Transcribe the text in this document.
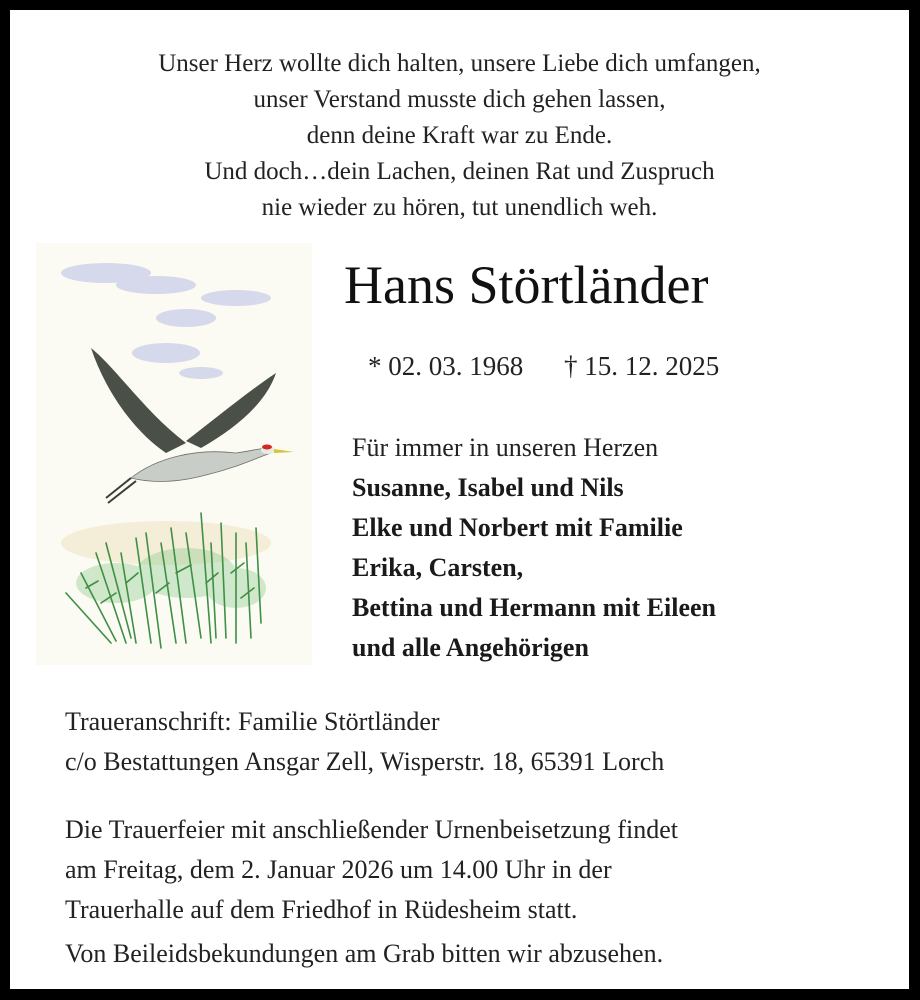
Unser Herz wollte dich halten, unsere Liebe dich umfangen,
unser Verstand musste dich gehen lassen,
denn deine Kraft war zu Ende.
Und doch…dein Lachen, deinen Rat und Zuspruch
nie wieder zu hören, tut unendlich weh.
Hans Störtländer
* 02. 03. 1968 † 15. 12. 2025
Für immer in unseren Herzen
Susanne, Isabel und Nils
Elke und Norbert mit Familie
Erika, Carsten,
Bettina und Hermann mit Eileen
und alle Angehörigen
Traueranschrift: Familie Störtländer
c/o Bestattungen Ansgar Zell, Wisperstr. 18, 65391 Lorch
Die Trauerfeier mit anschließender Urnenbeisetzung findet
am Freitag, dem 2. Januar 2026 um 14.00 Uhr in der
Trauerhalle auf dem Friedhof in Rüdesheim statt.
Von Beileidsbekundungen am Grab bitten wir abzusehen.
